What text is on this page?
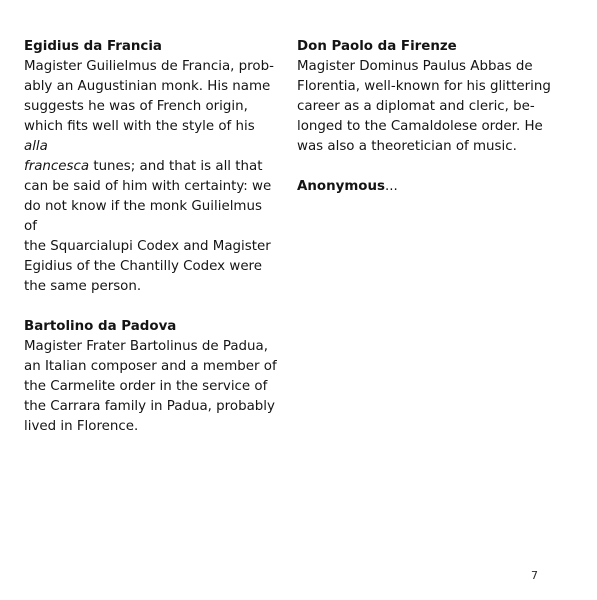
Egidius da Francia

Magister Guilielmus de Francia, prob-
ably an Augustinian monk. His name
suggests he was of French origin,
which fits well with the style of his alla
francesca tunes; and that is all that
can be said of him with certainty: we
do not know if the monk Guilielmus of
the Squarcialupi Codex and Magister
Egidius of the Chantilly Codex were
the same person.

Bartolino da Padova

Magister Frater Bartolinus de Padua,
an Italian composer and a member of
the Carmelite order in the service of
the Carrara family in Padua, probably
lived in Florence.

Don Paolo da Firenze

Magister Dominus Paulus Abbas de
Florentia, well-known for his glittering
career as a diplomat and cleric, be-
longed to the Camaldolese order. He
was also a theoretician of music.

Anonymous...
7
